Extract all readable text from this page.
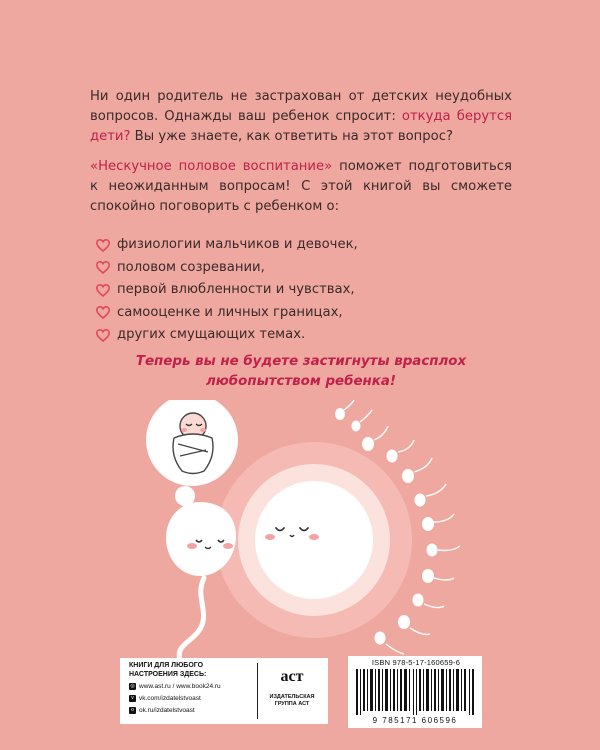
Ни один родитель не застрахован от детских неудобных вопросов. Однажды ваш ребенок спросит: откуда берутся дети? Вы уже знаете, как ответить на этот вопрос?

«Нескучное половое воспитание» поможет подготовиться к неожиданным вопросам! С этой книгой вы сможете спокойно поговорить с ребенком о:

физиологии мальчиков и девочек,
половом созревании,
первой влюбленности и чувствах,
самооценке и личных границах,
других смущающих темах.

Теперь вы не будете застигнуты врасплох любопытством ребенка!

КНИГИ ДЛЯ ЛЮБОГО НАСТРОЕНИЯ ЗДЕСЬ:
◎ www.ast.ru / www.book24.ru
v vk.com/izdatelstvoast
o ok.ru/izdatelstvoast
аст
ИЗДАТЕЛЬСКАЯ ГРУППА АСТ
ISBN 978-5-17-160659-6
9 785171 606596
